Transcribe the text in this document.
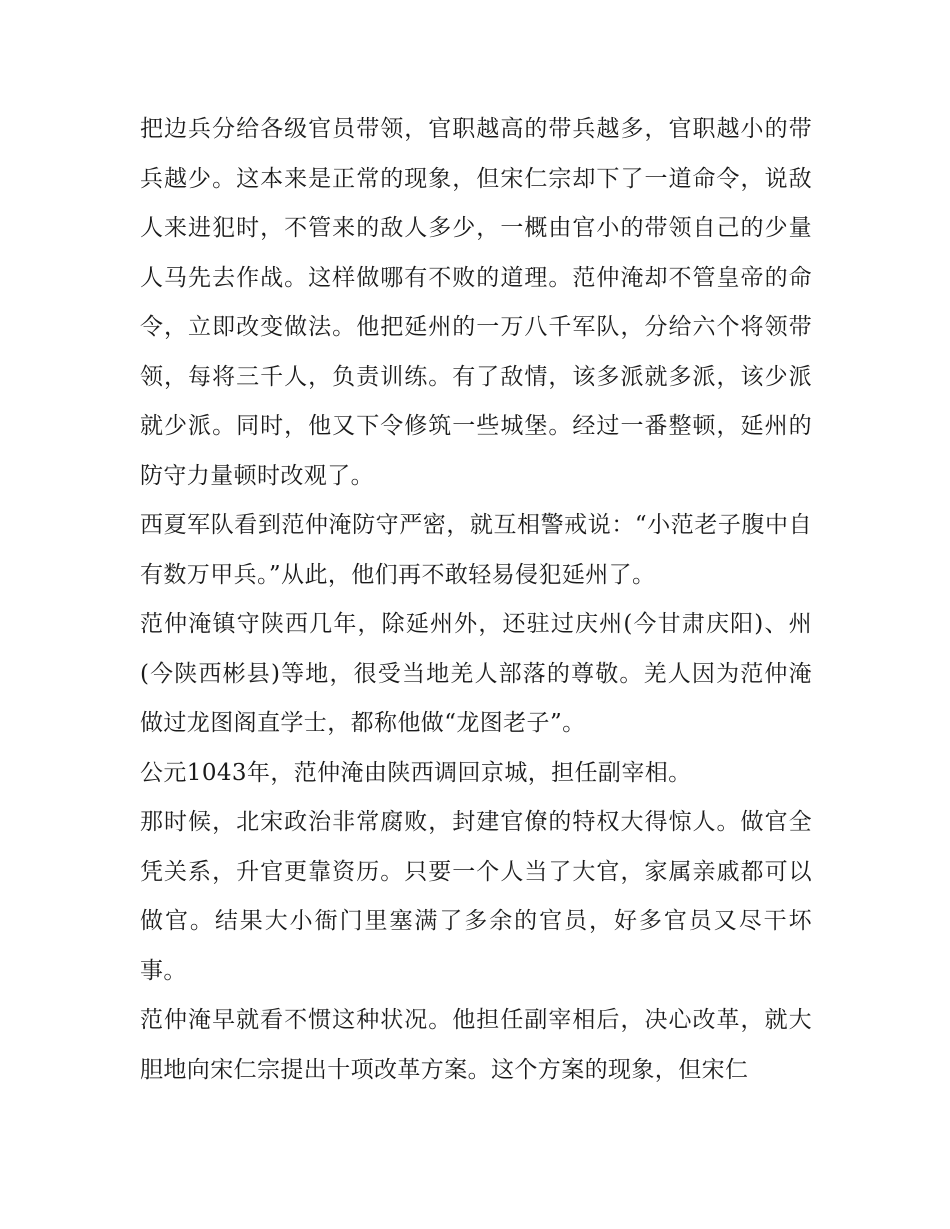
把边兵分给各级官员带领，官职越高的带兵越多，官职越小的带兵越少。这本来是正常的现象，但宋仁宗却下了一道命令，说敌人来进犯时，不管来的敌人多少，一概由官小的带领自己的少量人马先去作战。这样做哪有不败的道理。范仲淹却不管皇帝的命令，立即改变做法。他把延州的一万八千军队，分给六个将领带领，每将三千人，负责训练。有了敌情，该多派就多派，该少派就少派。同时，他又下令修筑一些城堡。经过一番整顿，延州的防守力量顿时改观了。

西夏军队看到范仲淹防守严密，就互相警戒说：“小范老子腹中自有数万甲兵。”从此，他们再不敢轻易侵犯延州了。

范仲淹镇守陕西几年，除延州外，还驻过庆州(今甘肃庆阳)、州(今陕西彬县)等地，很受当地羌人部落的尊敬。羌人因为范仲淹做过龙图阁直学士，都称他做“龙图老子”。

公元1043年，范仲淹由陕西调回京城，担任副宰相。

那时候，北宋政治非常腐败，封建官僚的特权大得惊人。做官全凭关系，升官更靠资历。只要一个人当了大官，家属亲戚都可以做官。结果大小衙门里塞满了多余的官员，好多官员又尽干坏事。

范仲淹早就看不惯这种状况。他担任副宰相后，决心改革，就大胆地向宋仁宗提出十项改革方案。这个方案的现象，但宋仁
